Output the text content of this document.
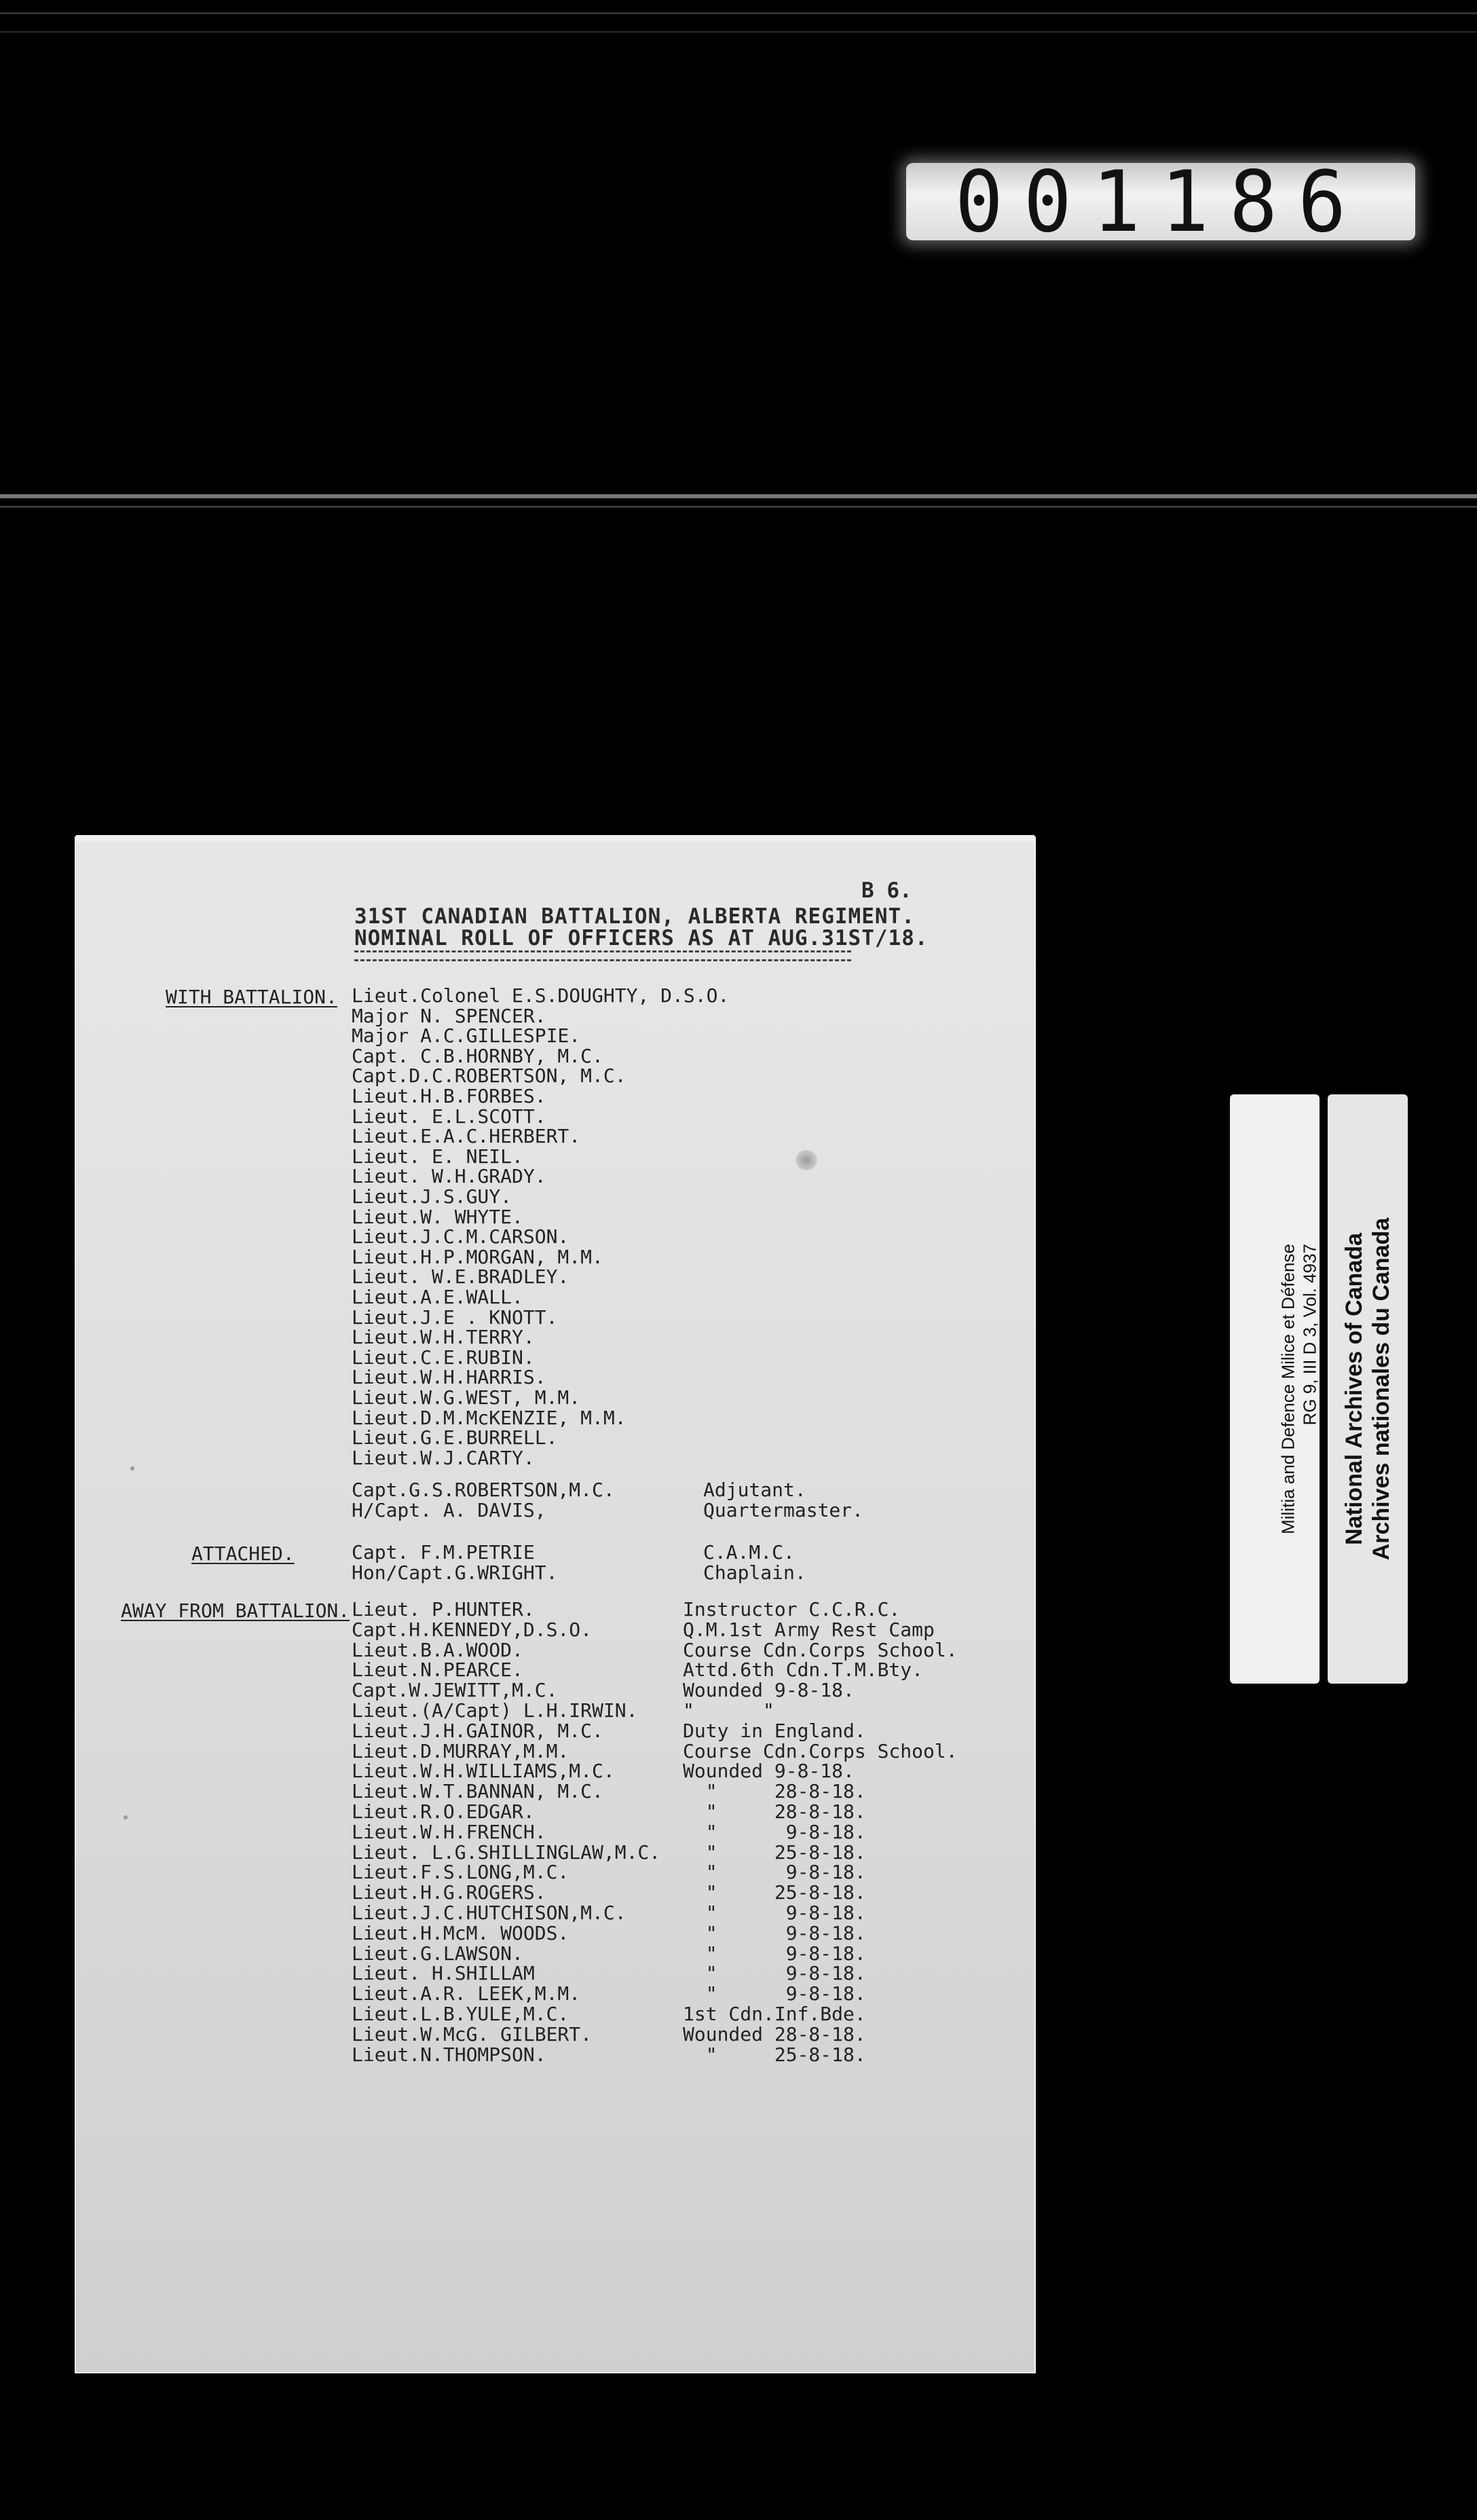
001186
Militia and Defence Milice et Défense RG 9, III D 3, Vol. 4937 National Archives of Canada Archives nationales du Canada
B 6.
31ST CANADIAN BATTALION, ALBERTA REGIMENT.
NOMINAL ROLL OF OFFICERS AS AT AUG.31ST/18.
WITH BATTALION. Lieut.Colonel E.S.DOUGHTY, D.S.O.
Major N. SPENCER.
Major A.C.GILLESPIE.
Capt. C.B.HORNBY, M.C.
Capt.D.C.ROBERTSON, M.C.
Lieut.H.B.FORBES.
Lieut. E.L.SCOTT.
Lieut.E.A.C.HERBERT.
Lieut. E. NEIL.
Lieut. W.H.GRADY.
Lieut.J.S.GUY.
Lieut.W. WHYTE.
Lieut.J.C.M.CARSON.
Lieut.H.P.MORGAN, M.M.
Lieut. W.E.BRADLEY.
Lieut.A.E.WALL.
Lieut.J.E . KNOTT.
Lieut.W.H.TERRY.
Lieut.C.E.RUBIN.
Lieut.W.H.HARRIS.
Lieut.W.G.WEST, M.M.
Lieut.D.M.McKENZIE, M.M.
Lieut.G.E.BURRELL.
Lieut.W.J.CARTY.
Capt.G.S.ROBERTSON,M.C.	Adjutant.
H/Capt. A. DAVIS,	Quartermaster.
ATTACHED.	Capt. F.M.PETRIE	C.A.M.C.
Hon/Capt.G.WRIGHT.	Chaplain.
AWAY FROM BATTALION. Lieut. P.HUNTER.	Instructor C.C.R.C.
Capt.H.KENNEDY,D.S.O.	Q.M.1st Army Rest Camp
Lieut.B.A.WOOD.	Course Cdn.Corps School.
Lieut.N.PEARCE.	Attd.6th Cdn.T.M.Bty.
Capt.W.JEWITT,M.C.	Wounded 9-8-18.
Lieut.(A/Capt) L.H.IRWIN. "      "
Lieut.J.H.GAINOR, M.C.	Duty in England.
Lieut.D.MURRAY,M.M.	Course Cdn.Corps School.
Lieut.W.H.WILLIAMS,M.C.	Wounded 9-8-18.
Lieut.W.T.BANNAN, M.C.	"     28-8-18.
Lieut.R.O.EDGAR.	"     28-8-18.
Lieut.W.H.FRENCH.	"      9-8-18.
Lieut. L.G.SHILLINGLAW,M.C. "     25-8-18.
Lieut.F.S.LONG,M.C.	"      9-8-18.
Lieut.H.G.ROGERS.	"     25-8-18.
Lieut.J.C.HUTCHISON,M.C.	"      9-8-18.
Lieut.H.McM. WOODS.	"      9-8-18.
Lieut.G.LAWSON.	"      9-8-18.
Lieut. H.SHILLAM	"      9-8-18.
Lieut.A.R. LEEK,M.M.	"      9-8-18.
Lieut.L.B.YULE,M.C.	1st Cdn.Inf.Bde.
Lieut.W.McG. GILBERT.	Wounded 28-8-18.
Lieut.N.THOMPSON.	"     25-8-18.
